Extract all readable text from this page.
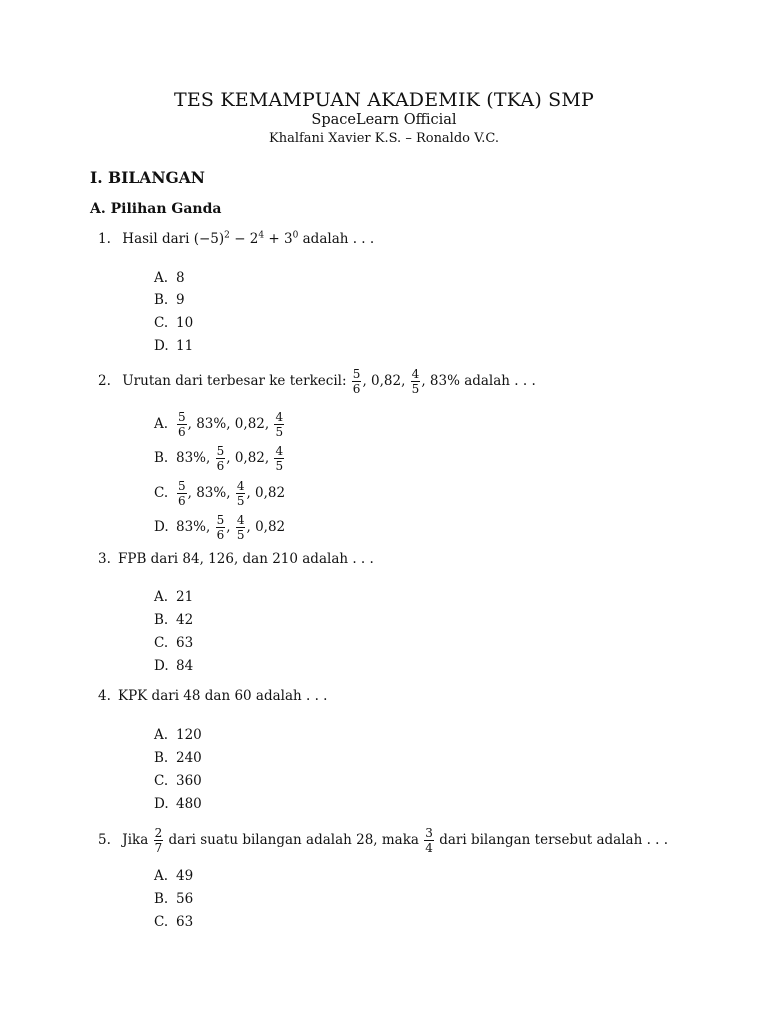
TES KEMAMPUAN AKADEMIK (TKA) SMP
SpaceLearn Official
Khalfani Xavier K.S. – Ronaldo V.C.
I. BILANGAN
A. Pilihan Ganda
1. Hasil dari $(-5)^2 - 2^4 + 3^0$ adalah . . .
A. 8
B. 9
C. 10
D. 11
2. Urutan dari terbesar ke terkecil: $\frac{5}{6}$ , 0,82, $\frac{4}{5}$ , 83% adalah . . .
A. $\frac{5}{6}$ , 83%, 0,82, $\frac{4}{5}$
B. 83%, $\frac{5}{6}$ , 0,82, $\frac{4}{5}$
C. $\frac{5}{6}$ , 83%, $\frac{4}{5}$ , 0,82
D. 83%, $\frac{5}{6}$ , $\frac{4}{5}$ , 0,82
3. FPB dari 84, 126, dan 210 adalah . . .
A. 21
B. 42
C. 63
D. 84
4. KPK dari 48 dan 60 adalah . . .
A. 120
B. 240
C. 360
D. 480
5. Jika $\frac{2}{7}$ dari suatu bilangan adalah 28, maka $\frac{3}{4}$ dari bilangan tersebut adalah . . .
A. 49
B. 56
C. 63
